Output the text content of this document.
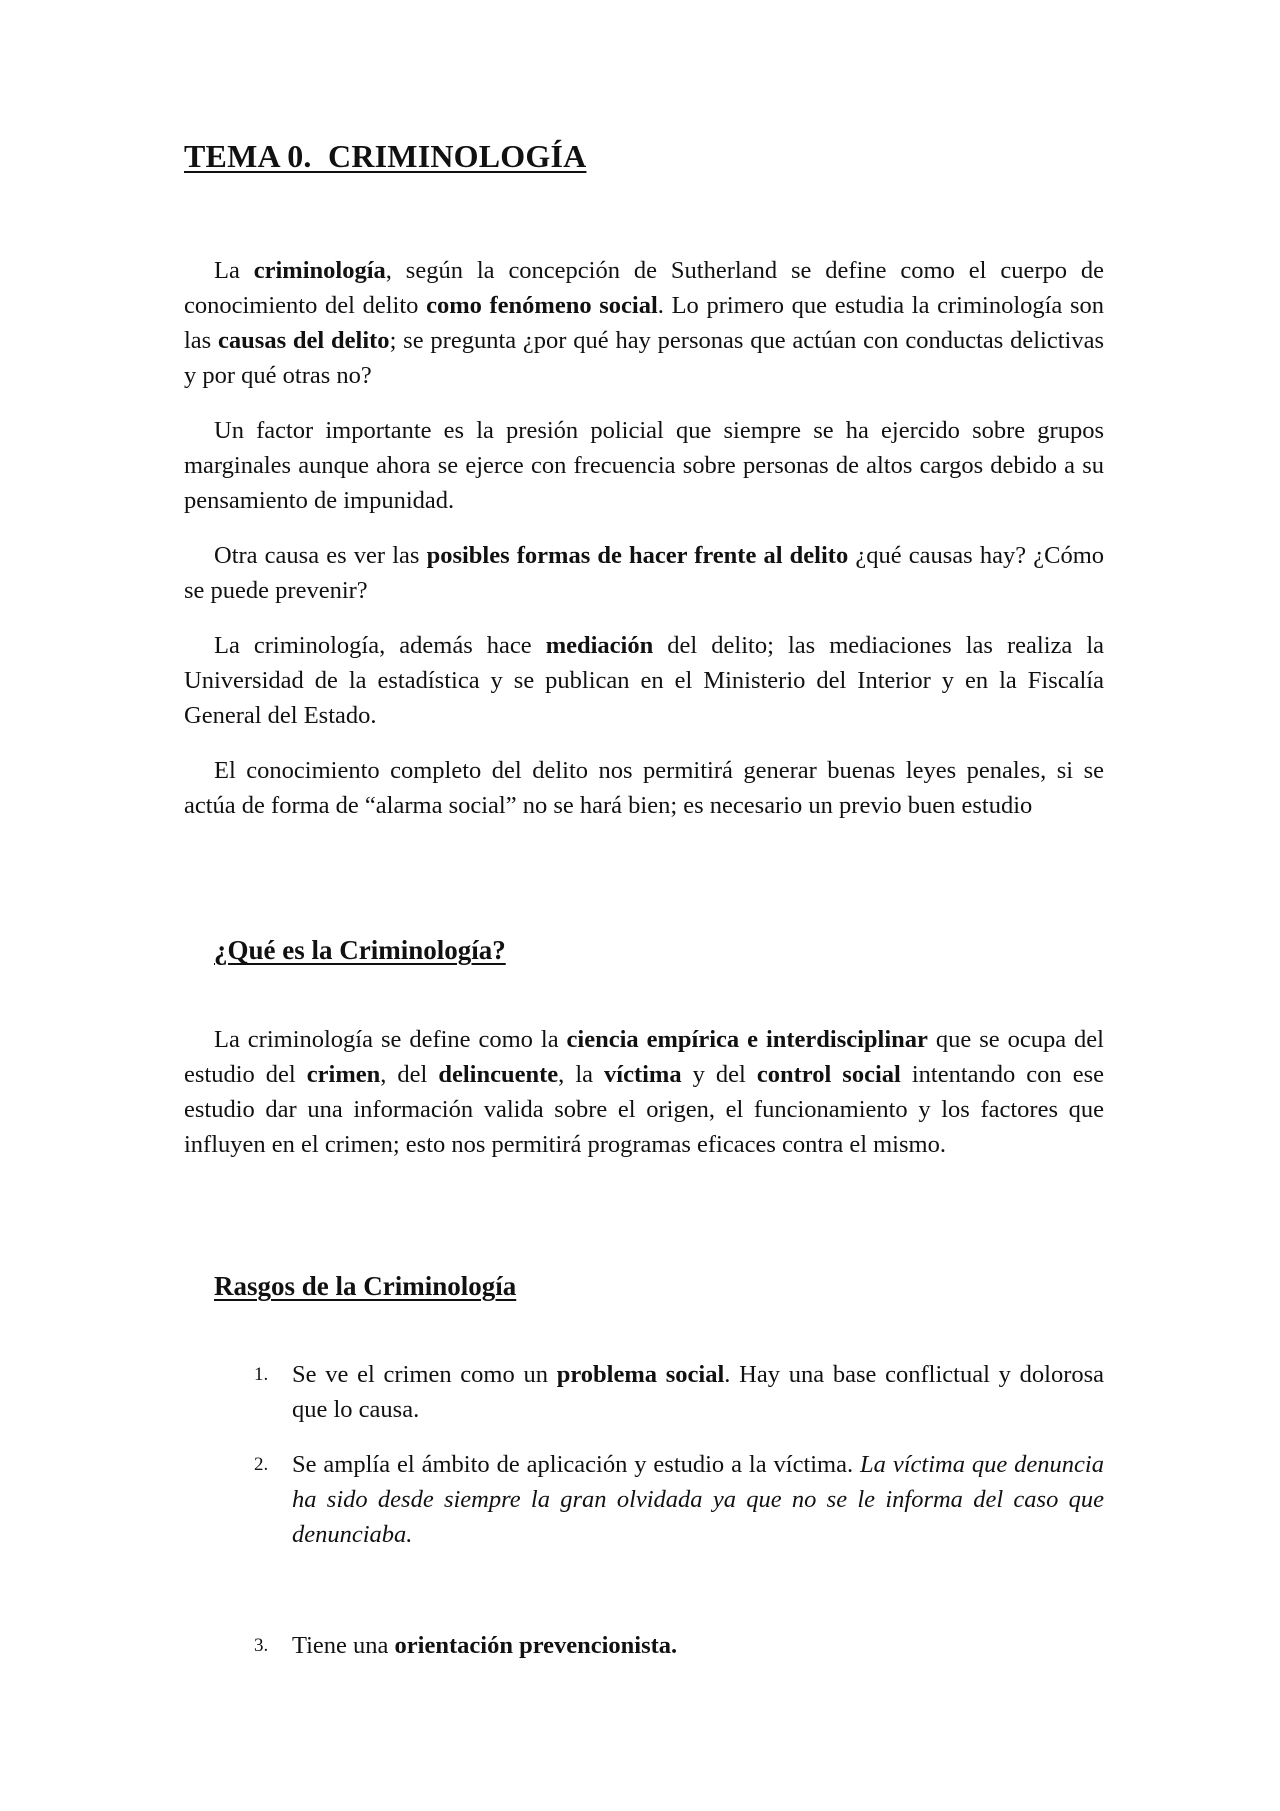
TEMA 0.  CRIMINOLOGÍA

La criminología, según la concepción de Sutherland se define como el cuerpo de conocimiento del delito como fenómeno social. Lo primero que estudia la criminología son las causas del delito; se pregunta ¿por qué hay personas que actúan con conductas delictivas y por qué otras no?

Un factor importante es la presión policial que siempre se ha ejercido sobre grupos marginales aunque ahora se ejerce con frecuencia sobre personas de altos cargos debido a su pensamiento de impunidad.

Otra causa es ver las posibles formas de hacer frente al delito ¿qué causas hay? ¿Cómo se puede prevenir?

La criminología, además hace mediación del delito; las mediaciones las realiza la Universidad de la estadística y se publican en el Ministerio del Interior y en la Fiscalía General del Estado.

El conocimiento completo del delito nos permitirá generar buenas leyes penales, si se actúa de forma de “alarma social” no se hará bien; es necesario un previo buen estudio

¿Qué es la Criminología?

La criminología se define como la ciencia empírica e interdisciplinar que se ocupa del estudio del crimen, del delincuente, la víctima y del control social intentando con ese estudio dar una información valida sobre el origen, el funcionamiento y los factores que influyen en el crimen; esto nos permitirá programas eficaces contra el mismo.

Rasgos de la Criminología
1. Se ve el crimen como un problema social. Hay una base conflictual y dolorosa que lo causa.
2. Se amplía el ámbito de aplicación y estudio a la víctima. La víctima que denuncia ha sido desde siempre la gran olvidada ya que no se le informa del caso que denunciaba.
3. Tiene una orientación prevencionista.
